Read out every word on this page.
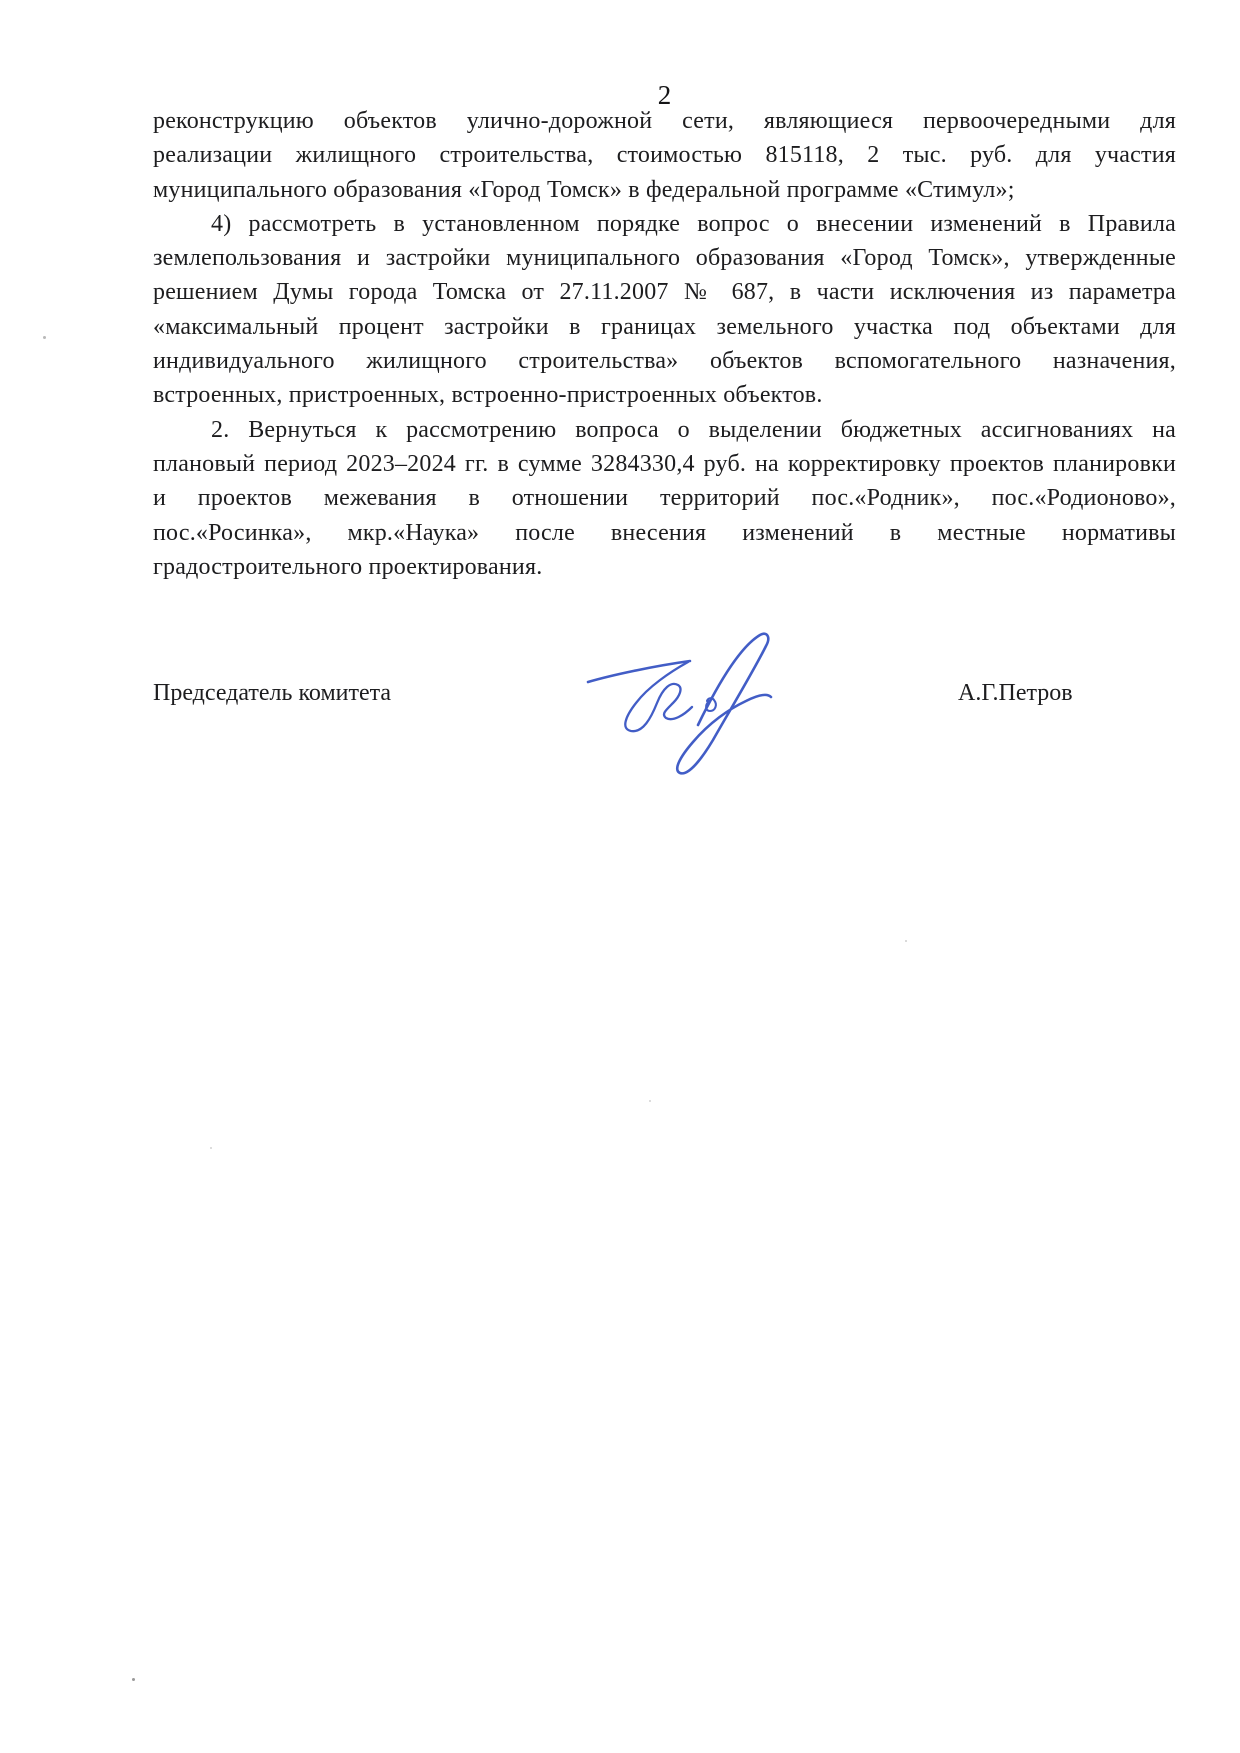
2
реконструкцию объектов улично-дорожной сети, являющиеся первоочередными для
реализации жилищного строительства, стоимостью 815118, 2 тыс. руб. для участия
муниципального образования «Город Томск» в федеральной программе «Стимул»;
4) рассмотреть в установленном порядке вопрос о внесении изменений в Правила
землепользования и застройки муниципального образования «Город Томск», утвержденные
решением Думы города Томска от 27.11.2007 № 687, в части исключения из параметра
«максимальный процент застройки в границах земельного участка под объектами для
индивидуального жилищного строительства» объектов вспомогательного назначения,
встроенных, пристроенных, встроенно-пристроенных объектов.
2. Вернуться к рассмотрению вопроса о выделении бюджетных ассигнованиях на
плановый период 2023–2024 гг. в сумме 3284330,4 руб. на корректировку проектов планировки
и проектов межевания в отношении территорий пос.«Родник», пос.«Родионово»,
пос.«Росинка», мкр.«Наука» после внесения изменений в местные нормативы
градостроительного проектирования.
Председатель комитета	А.Г.Петров
